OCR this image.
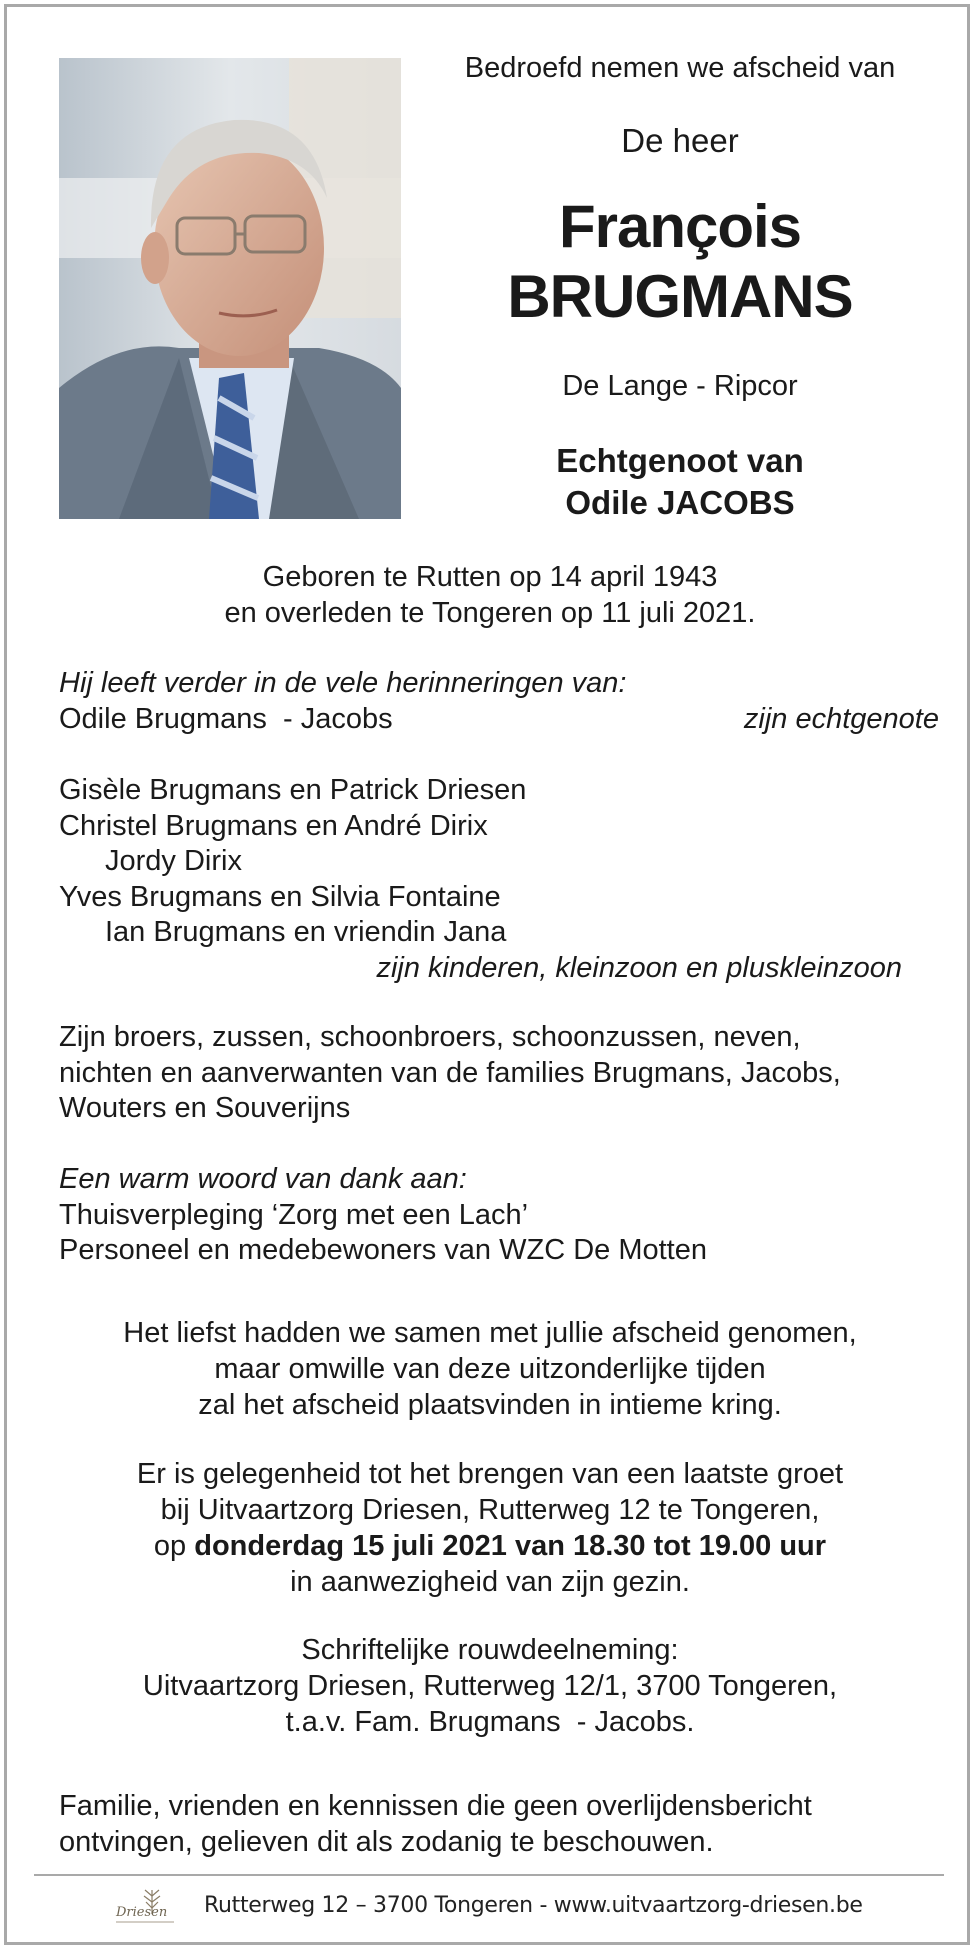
Bedroefd nemen we afscheid van
De heer
François
BRUGMANS
De Lange - Ripcor
Echtgenoot van
Odile JACOBS
Geboren te Rutten op 14 april 1943
en overleden te Tongeren op 11 juli 2021.
Hij leeft verder in de vele herinneringen van:
Odile Brugmans  - Jacobs	zijn echtgenote
Gisèle Brugmans en Patrick Driesen
Christel Brugmans en André Dirix
Jordy Dirix
Yves Brugmans en Silvia Fontaine
Ian Brugmans en vriendin Jana
zijn kinderen, kleinzoon en pluskleinzoon
Zijn broers, zussen, schoonbroers, schoonzussen, neven,
nichten en aanverwanten van de families Brugmans, Jacobs,
Wouters en Souverijns
Een warm woord van dank aan:
Thuisverpleging ‘Zorg met een Lach’
Personeel en medebewoners van WZC De Motten
Het liefst hadden we samen met jullie afscheid genomen,
maar omwille van deze uitzonderlijke tijden
zal het afscheid plaatsvinden in intieme kring.
Er is gelegenheid tot het brengen van een laatste groet
bij Uitvaartzorg Driesen, Rutterweg 12 te Tongeren,
op donderdag 15 juli 2021 van 18.30 tot 19.00 uur
in aanwezigheid van zijn gezin.
Schriftelijke rouwdeelneming:
Uitvaartzorg Driesen, Rutterweg 12/1, 3700 Tongeren,
t.a.v. Fam. Brugmans  - Jacobs.
Familie, vrienden en kennissen die geen overlijdensbericht
ontvingen, gelieven dit als zodanig te beschouwen.
Driesen Rutterweg 12 – 3700 Tongeren - www.uitvaartzorg-driesen.be
